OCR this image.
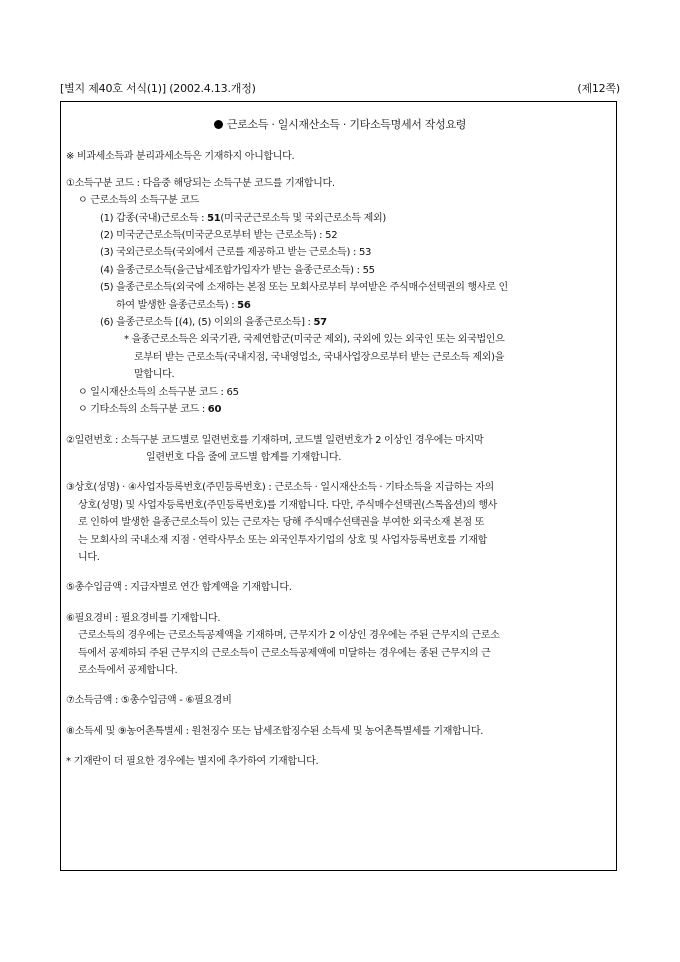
[별지 제40호 서식(1)] (2002.4.13.개정)	(제12쪽)
근로소득 · 일시재산소득 · 기타소득명세서 작성요령

※ 비과세소득과 분리과세소득은 기재하지 아니합니다.

①소득구분 코드 : 다음중 해당되는 소득구분 코드를 기재합니다.

ㅇ 근로소득의 소득구분 코드

(1) 갑종(국내)근로소득 : 51(미국군근로소득 및 국외근로소득 제외)

(2) 미국군근로소득(미국군으로부터 받는 근로소득) : 52

(3) 국외근로소득(국외에서 근로를 제공하고 받는 근로소득) : 53

(4) 을종근로소득(을근납세조합가입자가 받는 을종근로소득) : 55

(5) 을종근로소득(외국에 소재하는 본점 또는 모회사로부터 부여받은 주식매수선택권의 행사로 인

하여 발생한 을종근로소득) : 56

(6) 을종근로소득 [(4), (5) 이외의 을종근로소득] : 57

* 을종근로소득은 외국기관, 국제연합군(미국군 제외), 국외에 있는 외국인 또는 외국법인으

로부터 받는 근로소득(국내지점, 국내영업소, 국내사업장으로부터 받는 근로소득 제외)을

말합니다.

ㅇ 일시재산소득의 소득구분 코드 : 65

ㅇ 기타소득의 소득구분 코드 : 60

②일련번호 : 소득구분 코드별로 일련번호를 기재하며, 코드별 일련번호가 2 이상인 경우에는 마지막

일련번호 다음 줄에 코드별 합계를 기재합니다.

③상호(성명) · ④사업자등록번호(주민등록번호) : 근로소득 · 일시재산소득 · 기타소득을 지급하는 자의

상호(성명) 및 사업자등록번호(주민등록번호)를 기재합니다. 다만, 주식매수선택권(스톡옵션)의 행사

로 인하여 발생한 을종근로소득이 있는 근로자는 당해 주식매수선택권을 부여한 외국소재 본점 또

는 모회사의 국내소재 지점 · 연락사무소 또는 외국인투자기업의 상호 및 사업자등록번호를 기재합

니다.

⑤총수입금액 : 지급자별로 연간 합계액을 기재합니다.

⑥필요경비 : 필요경비를 기재합니다.

근로소득의 경우에는 근로소득공제액을 기재하며, 근무지가 2 이상인 경우에는 주된 근무지의 근로소

득에서 공제하되 주된 근무지의 근로소득이 근로소득공제액에 미달하는 경우에는 종된 근무지의 근

로소득에서 공제합니다.

⑦소득금액 : ⑤총수입금액 - ⑥필요경비

⑧소득세 및 ⑨농어촌특별세 : 원천징수 또는 납세조합징수된 소득세 및 농어촌특별세를 기재합니다.

* 기재란이 더 필요한 경우에는 별지에 추가하여 기재합니다.
